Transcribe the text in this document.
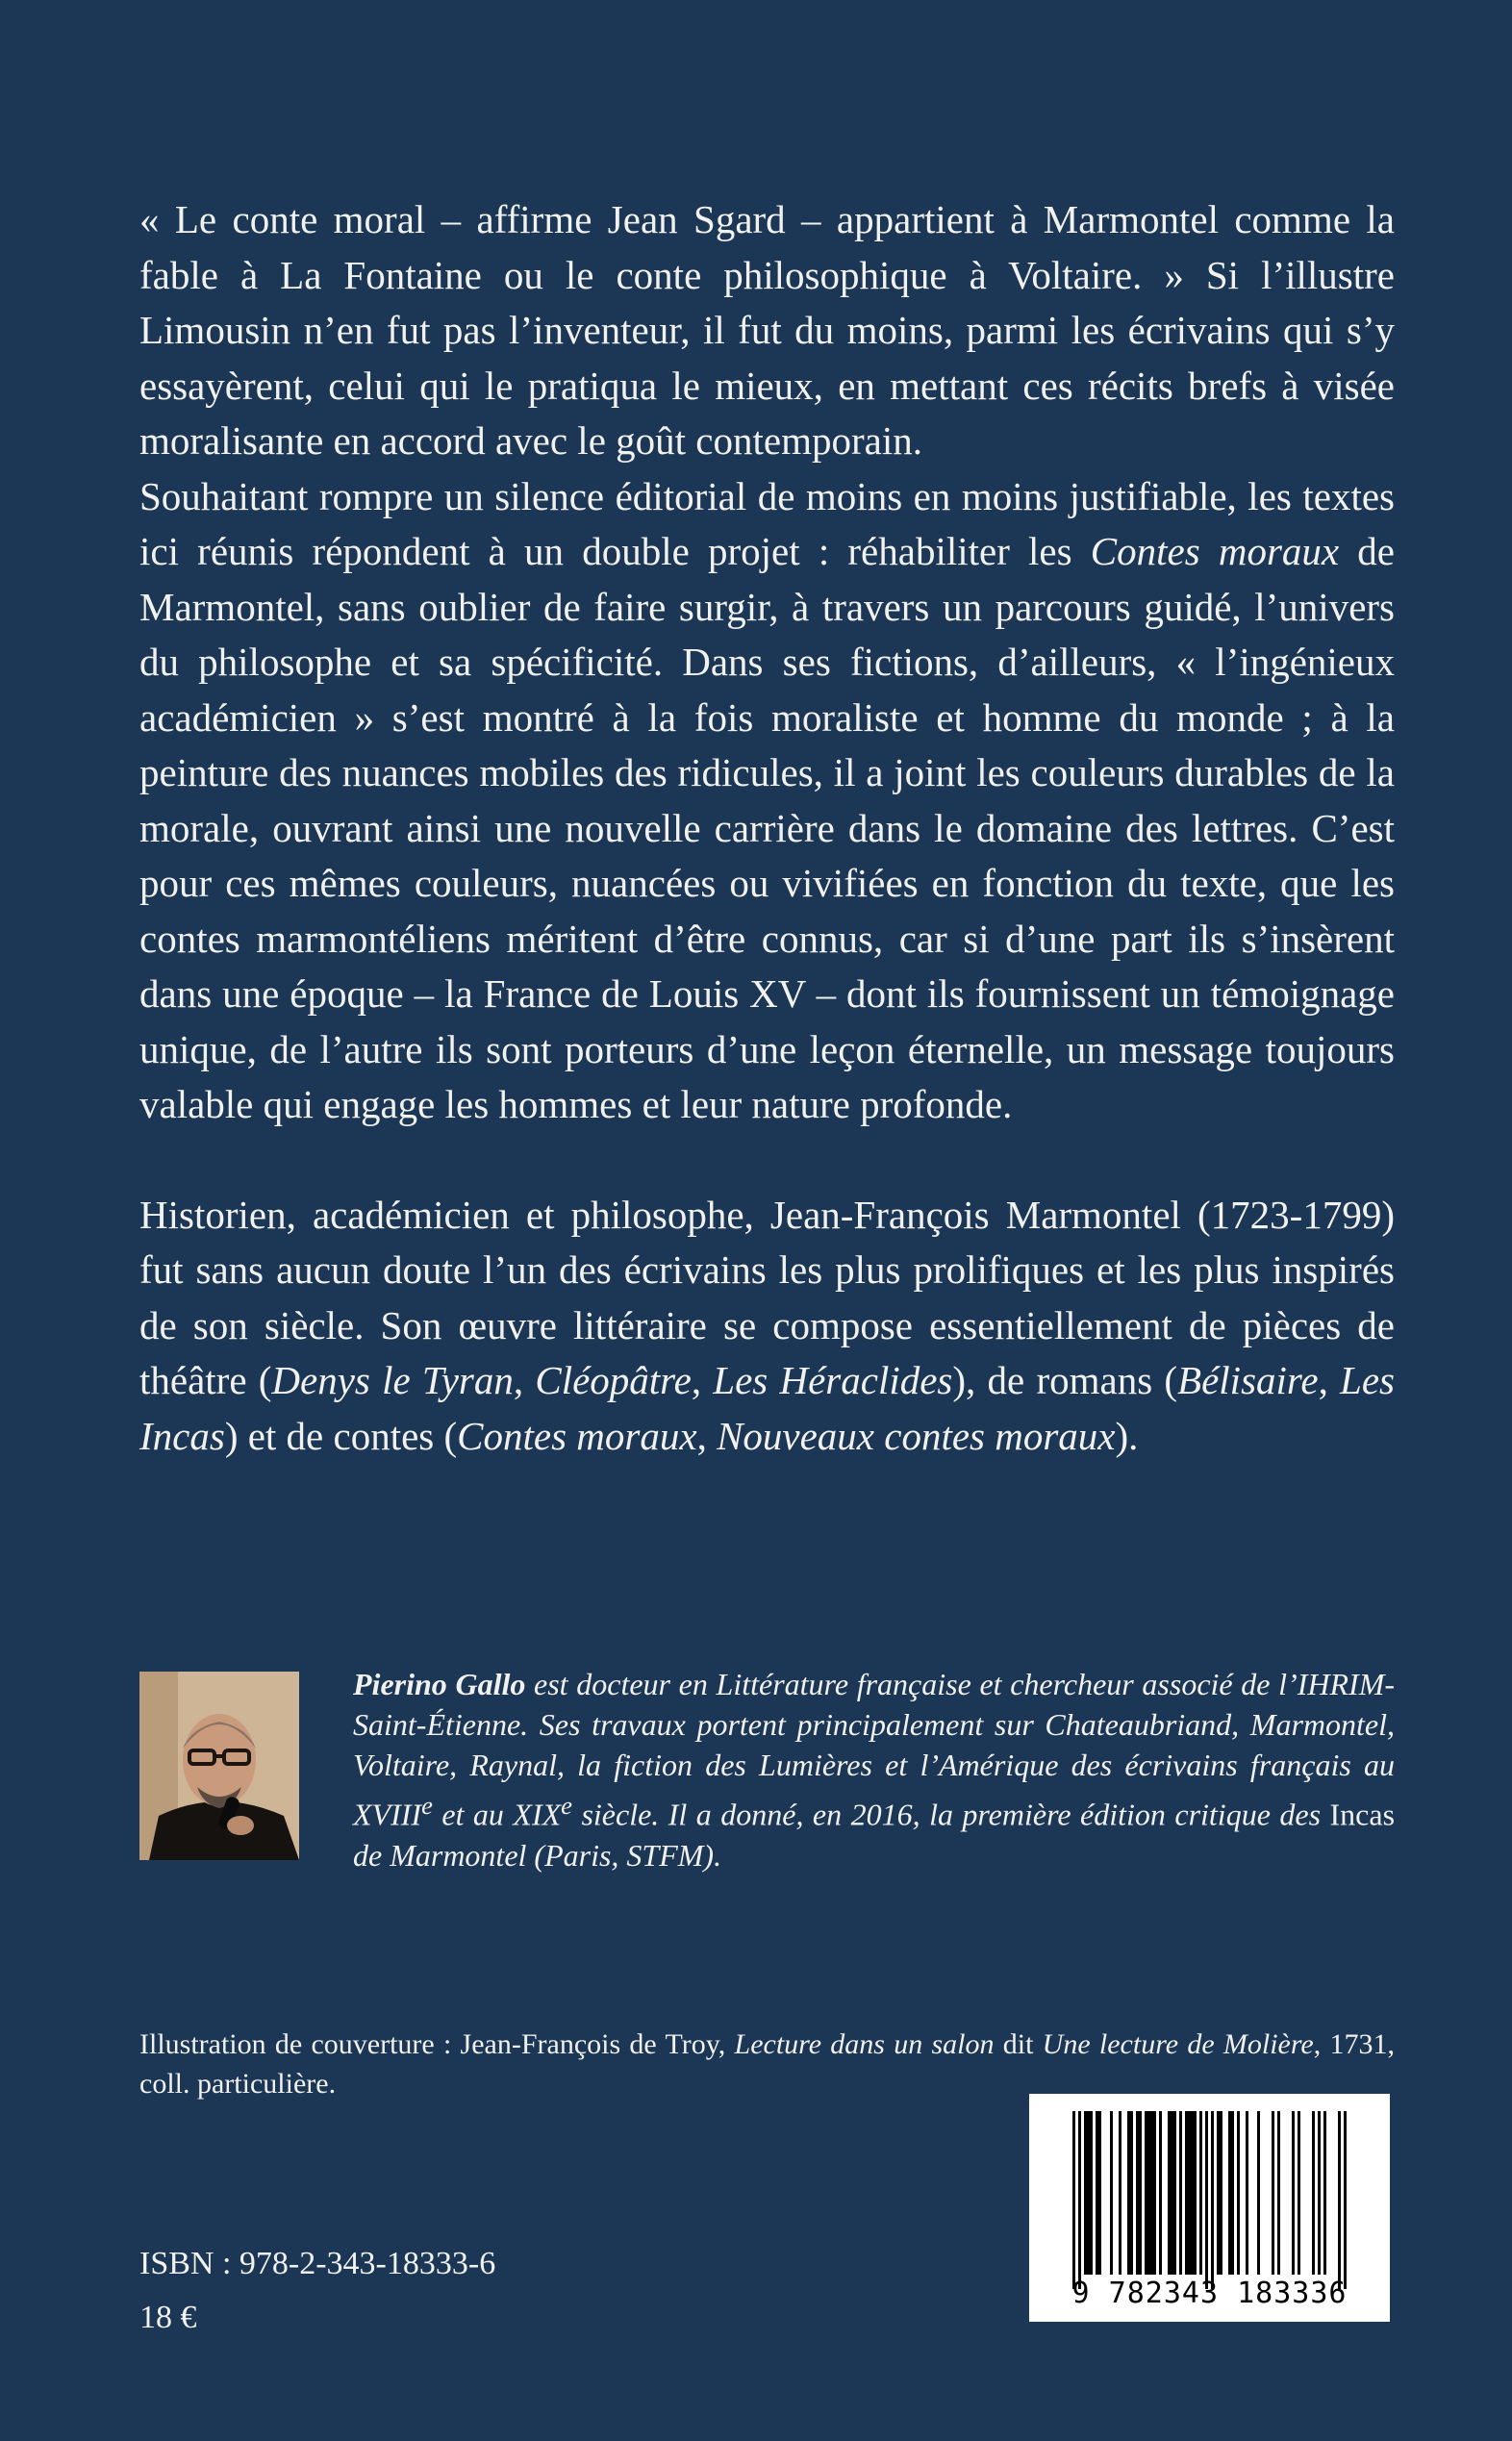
« Le conte moral – affirme Jean Sgard – appartient à Marmontel comme la fable à La Fontaine ou le conte philosophique à Voltaire. » Si l’illustre Limousin n’en fut pas l’inventeur, il fut du moins, parmi les écrivains qui s’y essayèrent, celui qui le pratiqua le mieux, en mettant ces récits brefs à visée moralisante en accord avec le goût contemporain.

Souhaitant rompre un silence éditorial de moins en moins justifiable, les textes ici réunis répondent à un double projet : réhabiliter les Contes moraux de Marmontel, sans oublier de faire surgir, à travers un parcours guidé, l’univers du philosophe et sa spécificité. Dans ses fictions, d’ailleurs, « l’ingénieux académicien » s’est montré à la fois moraliste et homme du monde ; à la peinture des nuances mobiles des ridicules, il a joint les couleurs durables de la morale, ouvrant ainsi une nouvelle carrière dans le domaine des lettres. C’est pour ces mêmes couleurs, nuancées ou vivifiées en fonction du texte, que les contes marmontéliens méritent d’être connus, car si d’une part ils s’insèrent dans une époque – la France de Louis XV – dont ils fournissent un témoignage unique, de l’autre ils sont porteurs d’une leçon éternelle, un message toujours valable qui engage les hommes et leur nature profonde.

Historien, académicien et philosophe, Jean-François Marmontel (1723-1799) fut sans aucun doute l’un des écrivains les plus prolifiques et les plus inspirés de son siècle. Son œuvre littéraire se compose essentiellement de pièces de théâtre (Denys le Tyran, Cléopâtre, Les Héraclides), de romans (Bélisaire, Les Incas) et de contes (Contes moraux, Nouveaux contes moraux).

Pierino Gallo est docteur en Littérature française et chercheur associé de l’IHRIM-Saint-Étienne. Ses travaux portent principalement sur Chateaubriand, Marmontel, Voltaire, Raynal, la fiction des Lumières et l’Amérique des écrivains français au XVIIIe et au XIXe siècle. Il a donné, en 2016, la première édition critique des Incas de Marmontel (Paris, STFM).

Illustration de couverture : Jean-François de Troy, Lecture dans un salon dit Une lecture de Molière, 1731, coll. particulière.

ISBN : 978-2-343-18333-6

18 €

9 782343 183336
